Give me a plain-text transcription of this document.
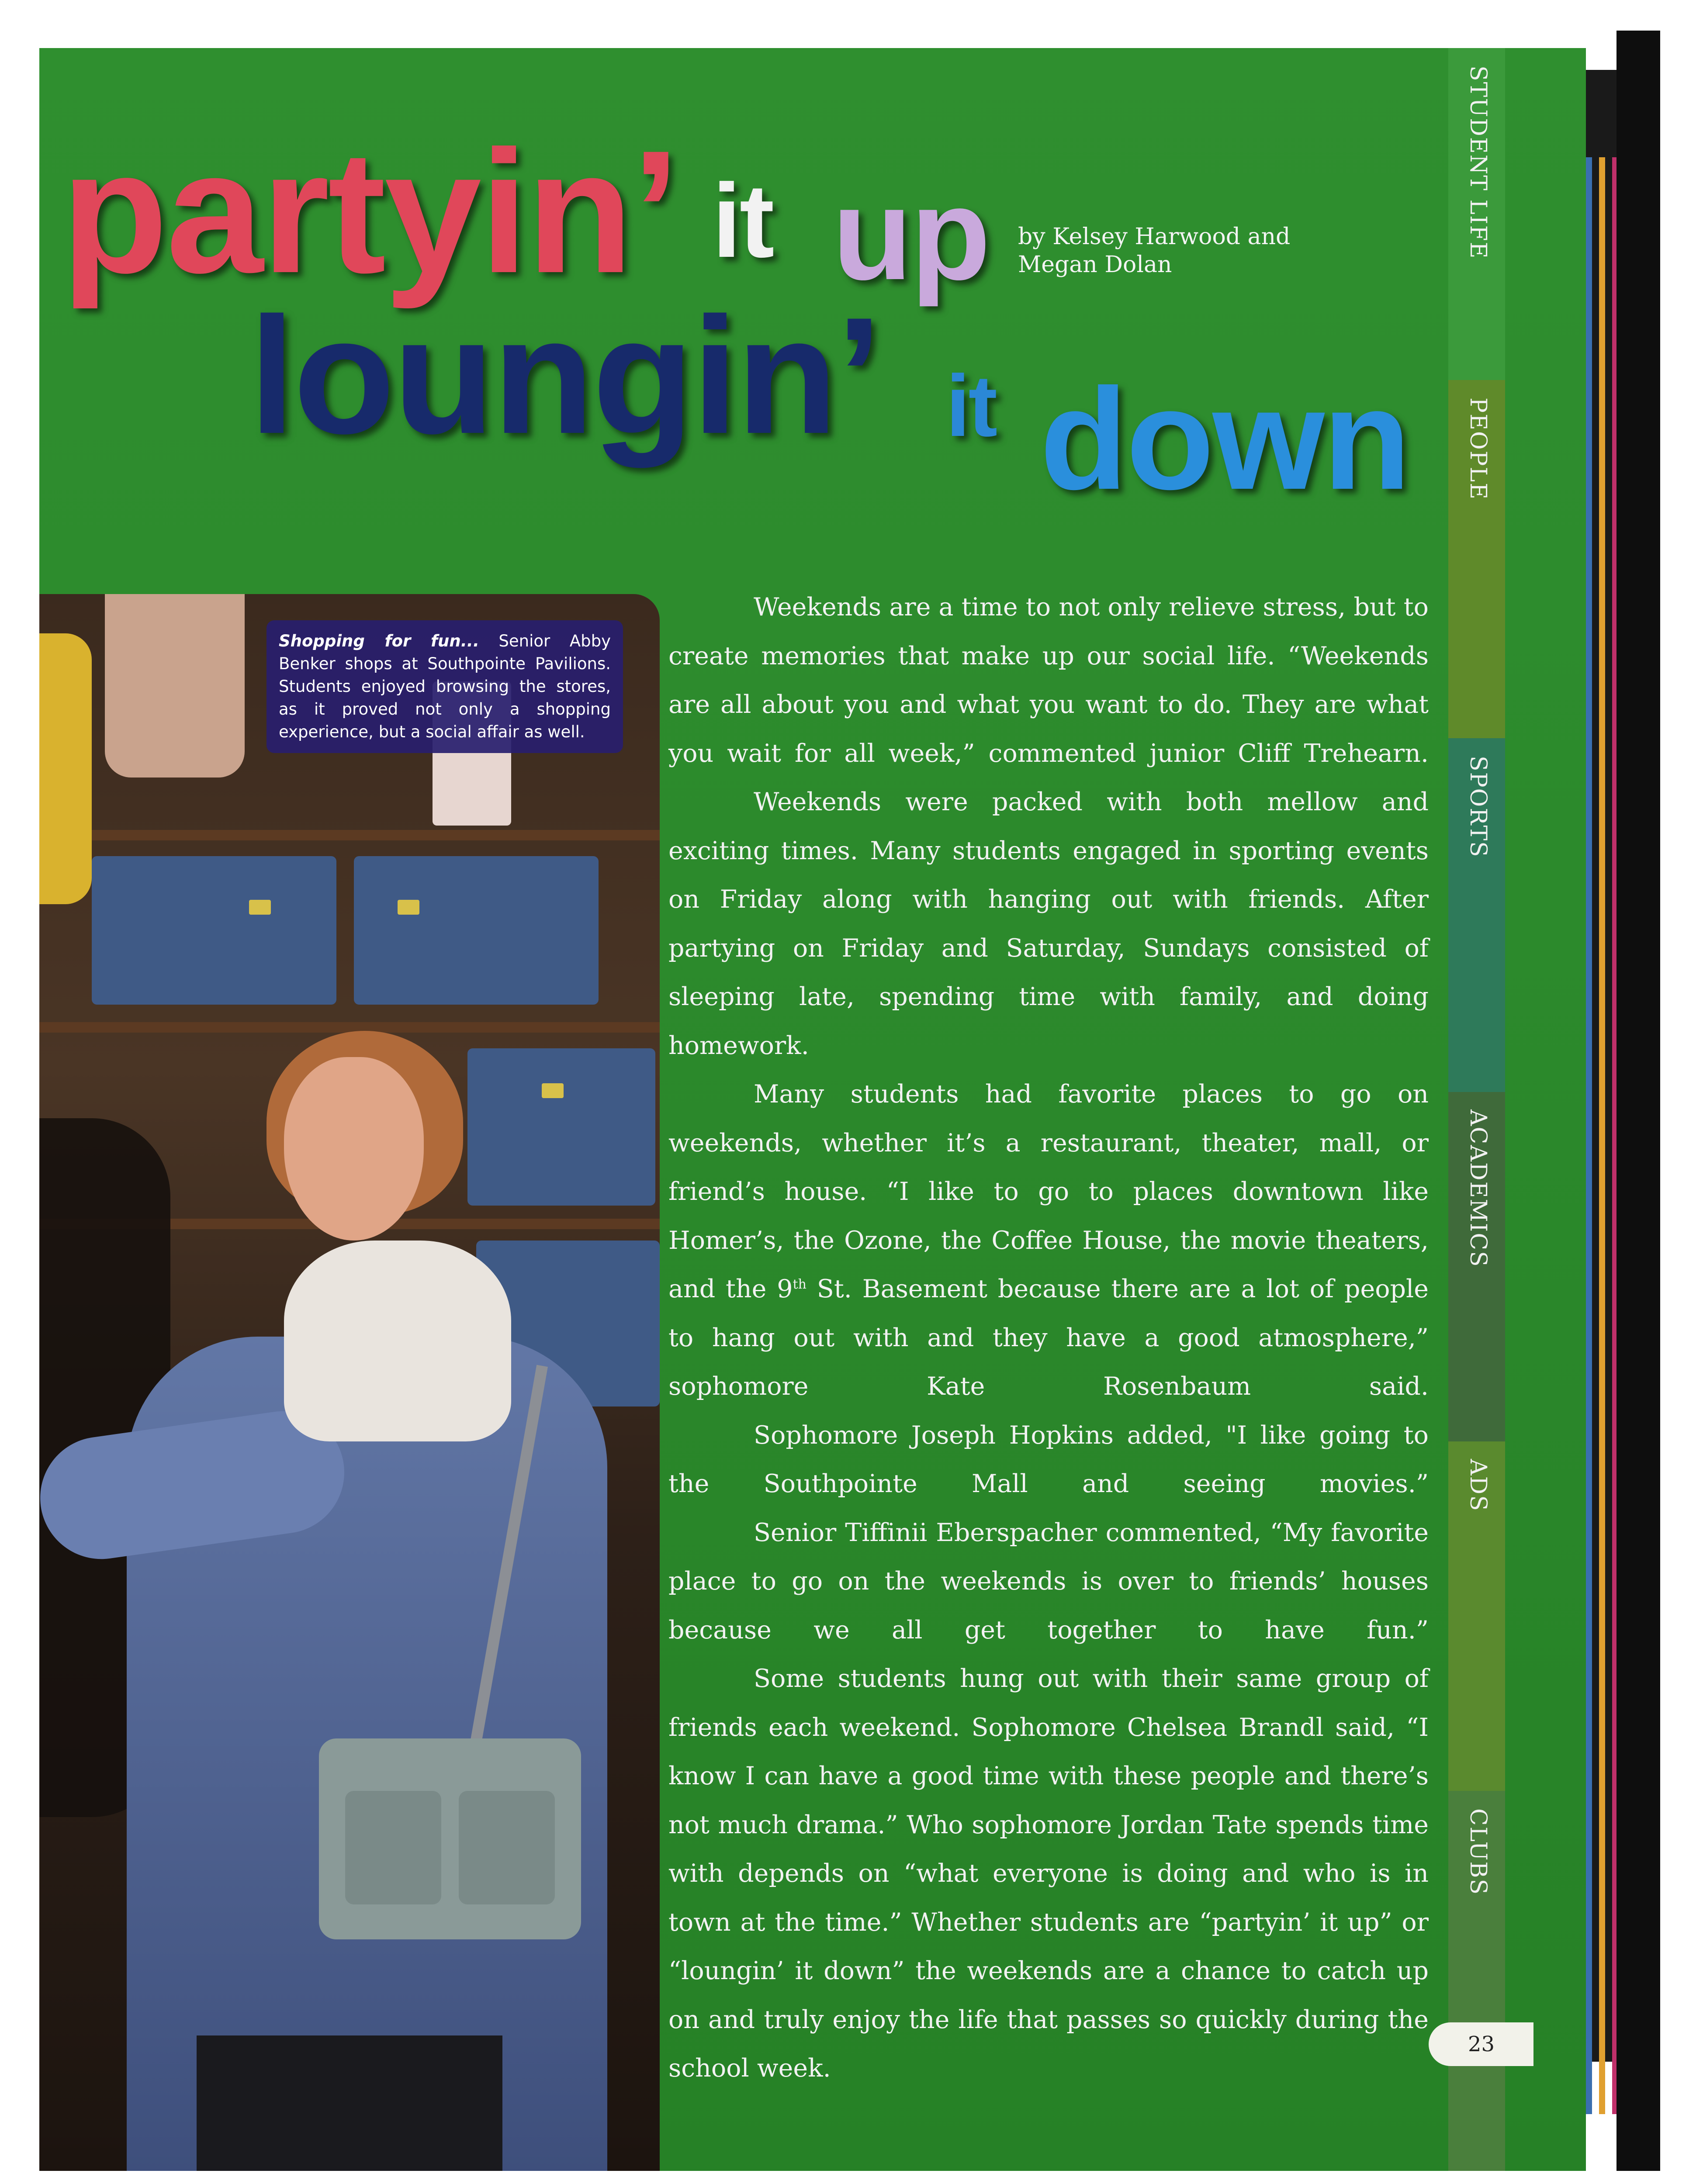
partyin’ it up
loungin’ it down
by Kelsey Harwood and Megan Dolan
Shopping for fun... Senior Abby Benker shops at Southpointe Pavilions. Students enjoyed browsing the stores, as it proved not only a shopping experience, but a social affair as well.

Weekends are a time to not only relieve stress, but to create memories that make up our social life. “Weekends are all about you and what you want to do. They are what you wait for all week,” commented junior Cliff Trehearn.

Weekends were packed with both mellow and exciting times. Many students engaged in sporting events on Friday along with hanging out with friends. After partying on Friday and Saturday, Sundays consisted of sleeping late, spending time with family, and doing homework.

Many students had favorite places to go on weekends, whether it’s a restaurant, theater, mall, or friend’s house. “I like to go to places downtown like Homer’s, the Ozone, the Coffee House, the movie theaters, and the 9th St. Basement because there are a lot of people to hang out with and they have a good atmosphere,” sophomore Kate Rosenbaum said.

Sophomore Joseph Hopkins added, "I like going to the Southpointe Mall and seeing movies.”

Senior Tiffinii Eberspacher commented, “My favorite place to go on the weekends is over to friends’ houses because we all get together to have fun.”

Some students hung out with their same group of friends each weekend. Sophomore Chelsea Brandl said, “I know I can have a good time with these people and there’s not much drama.” Who sophomore Jordan Tate spends time with depends on “what everyone is doing and who is in town at the time.” Whether students are “partyin’ it up” or “loungin’ it down” the weekends are a chance to catch up on and truly enjoy the life that passes so quickly during the school week.

STUDENT LIFE
PEOPLE
SPORTS
ACADEMICS
ADS
CLUBS
23
